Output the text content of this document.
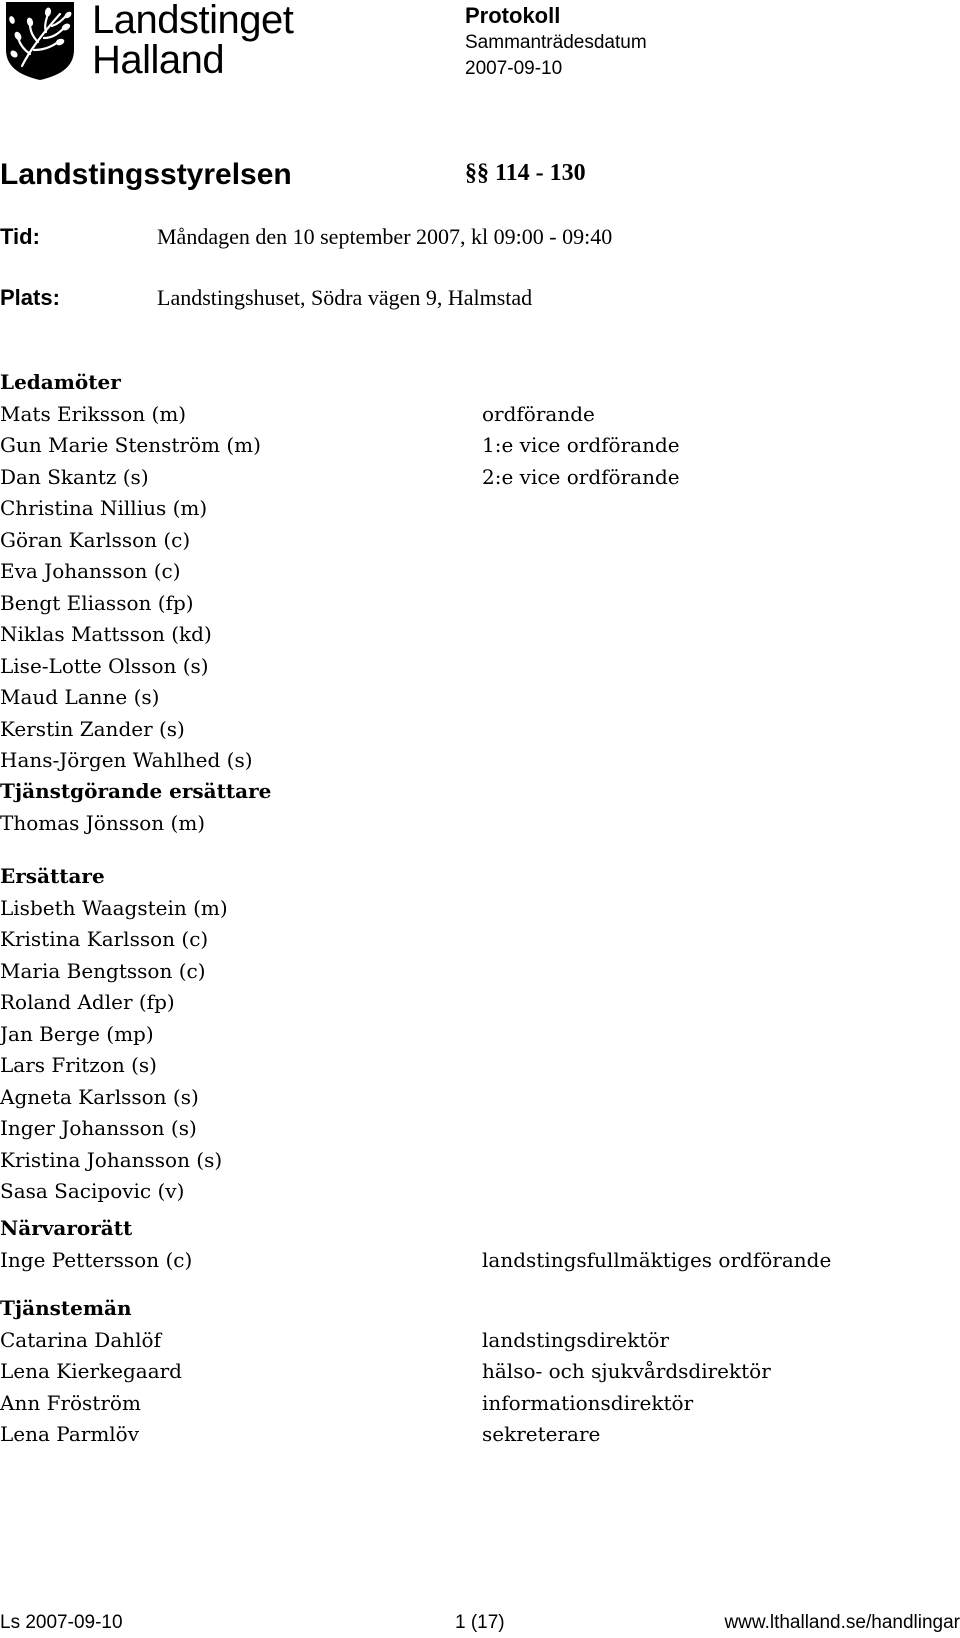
Landstinget
Halland
Protokoll
Sammanträdesdatum
2007-09-10
Landstingsstyrelsen	§§ 114 - 130
Tid:	Måndagen den 10 september 2007, kl 09:00 - 09:40
Plats:	Landstingshuset, Södra vägen 9, Halmstad
Ledamöter
Mats Eriksson (m)	ordförande
Gun Marie Stenström (m)	1:e vice ordförande
Dan Skantz (s)	2:e vice ordförande
Christina Nillius (m)
Göran Karlsson (c)
Eva Johansson (c)
Bengt Eliasson (fp)
Niklas Mattsson (kd)
Lise-Lotte Olsson (s)
Maud Lanne (s)
Kerstin Zander (s)
Hans-Jörgen Wahlhed (s)
Tjänstgörande ersättare
Thomas Jönsson (m)
Ersättare
Lisbeth Waagstein (m)
Kristina Karlsson (c)
Maria Bengtsson (c)
Roland Adler (fp)
Jan Berge (mp)
Lars Fritzon (s)
Agneta Karlsson (s)
Inger Johansson (s)
Kristina Johansson (s)
Sasa Sacipovic (v)
Närvarorätt
Inge Pettersson (c)	landstingsfullmäktiges ordförande
Tjänstemän
Catarina Dahlöf	landstingsdirektör
Lena Kierkegaard	hälso- och sjukvårdsdirektör
Ann Fröström	informationsdirektör
Lena Parmlöv	sekreterare
Ls 2007-09-10	1 (17)	www.lthalland.se/handlingar
